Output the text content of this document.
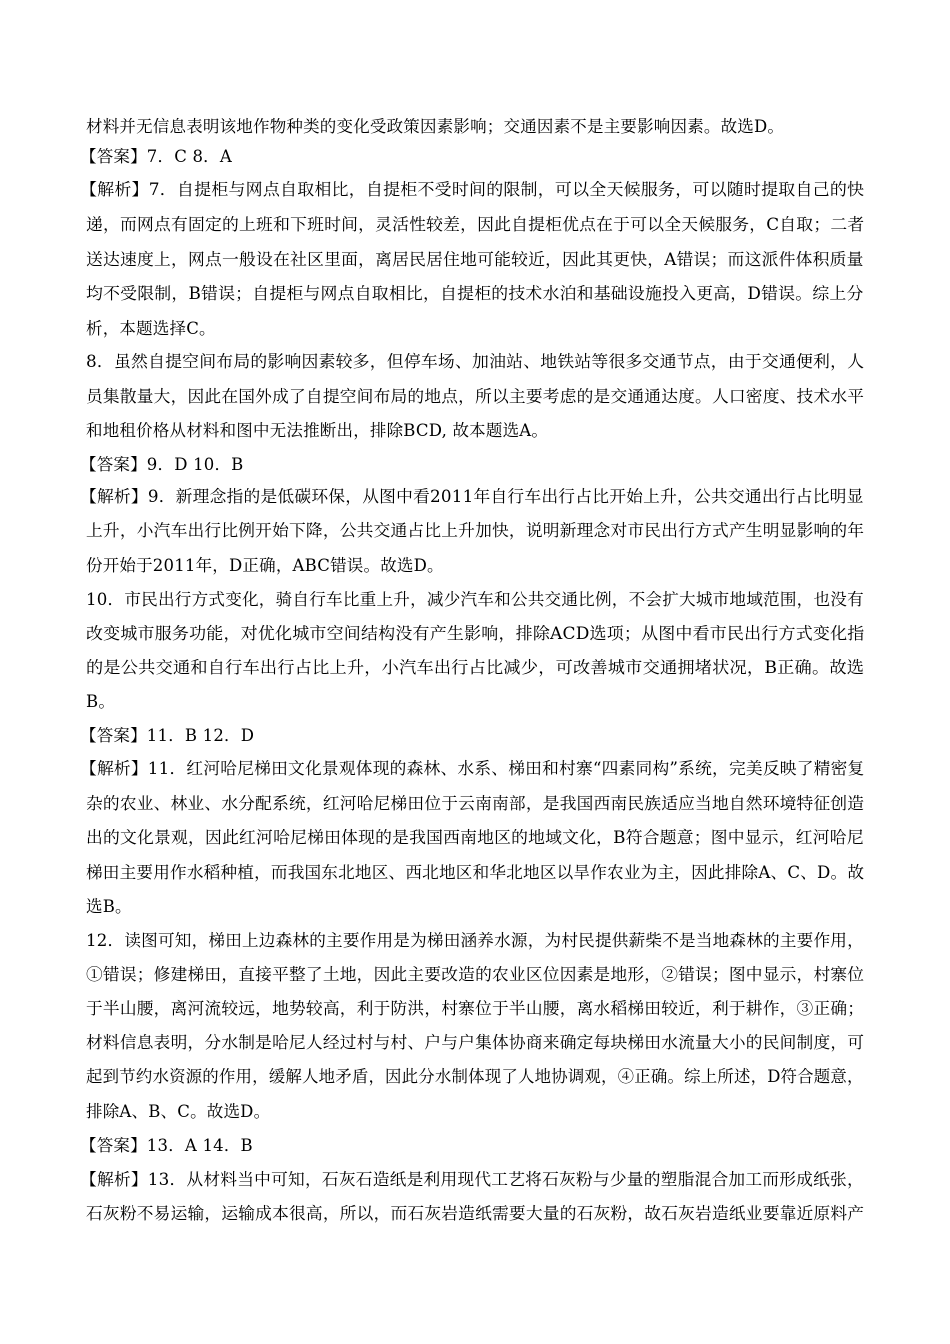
材料并无信息表明该地作物种类的变化受政策因素影响；交通因素不是主要影响因素。故选D。
【答案】7．C 8．A
【解析】7．自提柜与网点自取相比，自提柜不受时间的限制，可以全天候服务，可以随时提取自己的快
递，而网点有固定的上班和下班时间，灵活性较差，因此自提柜优点在于可以全天候服务，C自取；二者
送达速度上，网点一般设在社区里面，离居民居住地可能较近，因此其更快，A错误；而这派件体积质量
均不受限制，B错误；自提柜与网点自取相比，自提柜的技术水泊和基础设施投入更高，D错误。综上分
析，本题选择C。
8．虽然自提空间布局的影响因素较多，但停车场、加油站、地铁站等很多交通节点，由于交通便利，人
员集散量大，因此在国外成了自提空间布局的地点，所以主要考虑的是交通通达度。人口密度、技术水平
和地租价格从材料和图中无法推断出，排除BCD, 故本题选A。
【答案】9．D 10．B
【解析】9．新理念指的是低碳环保，从图中看2011年自行车出行占比开始上升，公共交通出行占比明显
上升，小汽车出行比例开始下降，公共交通占比上升加快，说明新理念对市民出行方式产生明显影响的年
份开始于2011年，D正确，ABC错误。故选D。
10．市民出行方式变化，骑自行车比重上升，减少汽车和公共交通比例，不会扩大城市地域范围，也没有
改变城市服务功能，对优化城市空间结构没有产生影响，排除ACD选项；从图中看市民出行方式变化指
的是公共交通和自行车出行占比上升，小汽车出行占比减少，可改善城市交通拥堵状况，B正确。故选
B。
【答案】11．B 12．D
【解析】11．红河哈尼梯田文化景观体现的森林、水系、梯田和村寨“四素同构”系统，完美反映了精密复
杂的农业、林业、水分配系统，红河哈尼梯田位于云南南部，是我国西南民族适应当地自然环境特征创造
出的文化景观，因此红河哈尼梯田体现的是我国西南地区的地域文化，B符合题意；图中显示，红河哈尼
梯田主要用作水稻种植，而我国东北地区、西北地区和华北地区以旱作农业为主，因此排除A、C、D。故
选B。
12．读图可知，梯田上边森林的主要作用是为梯田涵养水源，为村民提供薪柴不是当地森林的主要作用，
①错误；修建梯田，直接平整了土地，因此主要改造的农业区位因素是地形，②错误；图中显示，村寨位
于半山腰，离河流较远，地势较高，利于防洪，村寨位于半山腰，离水稻梯田较近，利于耕作，③正确；
材料信息表明，分水制是哈尼人经过村与村、户与户集体协商来确定每块梯田水流量大小的民间制度，可
起到节约水资源的作用，缓解人地矛盾，因此分水制体现了人地协调观，④正确。综上所述，D符合题意，
排除A、B、C。故选D。
【答案】13．A 14．B
【解析】13．从材料当中可知，石灰石造纸是利用现代工艺将石灰粉与少量的塑脂混合加工而形成纸张，
石灰粉不易运输，运输成本很高，所以，而石灰岩造纸需要大量的石灰粉，故石灰岩造纸业要靠近原料产
